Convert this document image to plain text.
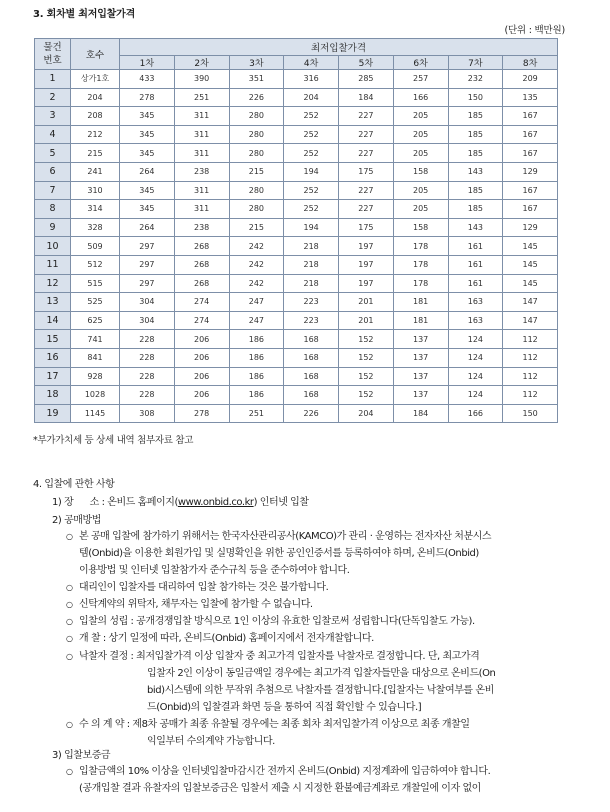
3. 회차별 최저입찰가격
(단위 : 백만원)
물건
번호	호수	최저입찰가격							
		1차	2차	3차	4차	5차	6차	7차	8차
1	상가1호	433	390	351	316	285	257	232	209
2	204	278	251	226	204	184	166	150	135
3	208	345	311	280	252	227	205	185	167
4	212	345	311	280	252	227	205	185	167
5	215	345	311	280	252	227	205	185	167
6	241	264	238	215	194	175	158	143	129
7	310	345	311	280	252	227	205	185	167
8	314	345	311	280	252	227	205	185	167
9	328	264	238	215	194	175	158	143	129
10	509	297	268	242	218	197	178	161	145
11	512	297	268	242	218	197	178	161	145
12	515	297	268	242	218	197	178	161	145
13	525	304	274	247	223	201	181	163	147
14	625	304	274	247	223	201	181	163	147
15	741	228	206	186	168	152	137	124	112
16	841	228	206	186	168	152	137	124	112
17	928	228	206	186	168	152	137	124	112
18	1028	228	206	186	168	152	137	124	112
19	1145	308	278	251	226	204	184	166	150
*부가가치세 등 상세 내역 첨부자료 참고
4. 입찰에 관한 사항
1) 장      소 : 온비드 홈페이지(www.onbid.co.kr) 인터넷 입찰
2) 공매방법
○ 본 공매 입찰에 참가하기 위해서는 한국자산관리공사(KAMCO)가 관리 · 운영하는 전자자산 처분시스
템(Onbid)을 이용한 회원가입 및 실명확인을 위한 공인인증서를 등록하여야 하며, 온비드(Onbid)
이용방법 및 인터넷 입찰참가자 준수규칙 등을 준수하여야 합니다.
○ 대리인이 입찰자를 대리하여 입찰 참가하는 것은 불가합니다.
○ 신탁계약의 위탁자, 채무자는 입찰에 참가할 수 없습니다.
○ 입찰의 성립 : 공개경쟁입찰 방식으로 1인 이상의 유효한 입찰로써 성립합니다(단독입찰도 가능).
○ 개 찰 : 상기 일정에 따라, 온비드(Onbid) 홈페이지에서 전자개찰합니다.
○ 낙찰자 결정 : 최저입찰가격 이상 입찰자 중 최고가격 입찰자를 낙찰자로 결정합니다. 단, 최고가격
입찰자 2인 이상이 동일금액일 경우에는 최고가격 입찰자들만을 대상으로 온비드(On
bid)시스템에 의한 무작위 추첨으로 낙찰자를 결정합니다.[입찰자는 낙찰여부를 온비
드(Onbid)의 입찰결과 화면 등을 통하여 직접 확인할 수 있습니다.]
○ 수 의 계 약 : 제8차 공매가 최종 유찰될 경우에는 최종 회차 최저입찰가격 이상으로 최종 개찰일
익일부터 수의계약 가능합니다.
3) 입찰보증금
○ 입찰금액의 10% 이상을 인터넷입찰마감시간 전까지 온비드(Onbid) 지정계좌에 입금하여야 합니다.
(공개입찰 결과 유찰자의 입찰보증금은 입찰서 제출 시 지정한 환불예금계좌로 개찰일에 이자 없이
